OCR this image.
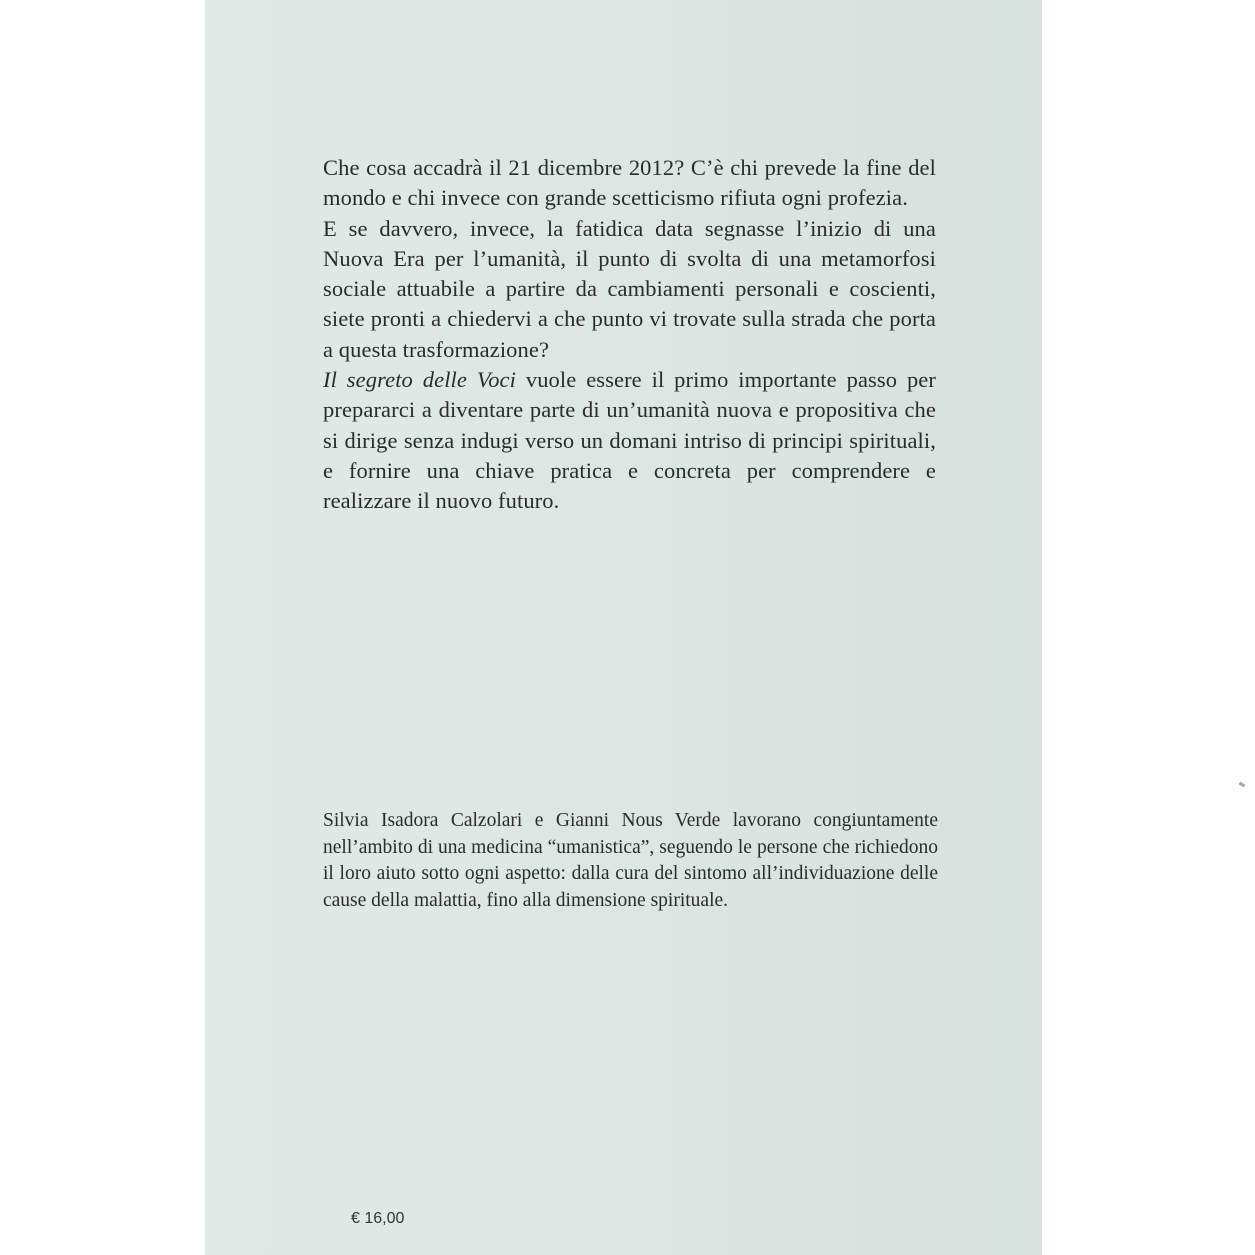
Che cosa accadrà il 21 dicembre 2012? C’è chi prevede la fine del mondo e chi invece con grande scetticismo rifiuta ogni profezia.

E se davvero, invece, la fatidica data segnasse l’inizio di una Nuova Era per l’umanità, il punto di svolta di una metamorfosi sociale attuabile a partire da cambiamenti personali e coscienti, siete pronti a chiedervi a che punto vi trovate sulla strada che porta a questa trasformazione?

Il segreto delle Voci vuole essere il primo importante passo per prepararci a diventare parte di un’umanità nuova e propositiva che si dirige senza indugi verso un domani intriso di principi spirituali, e fornire una chiave pratica e concreta per comprendere e realizzare il nuovo futuro.

Silvia Isadora Calzolari e Gianni Nous Verde lavorano congiuntamente nell’ambito di una medicina “umanistica”, seguendo le persone che richiedono il loro aiuto sotto ogni aspetto: dalla cura del sintomo all’individuazione delle cause della malattia, fino alla dimensione spirituale.

€ 16,00
